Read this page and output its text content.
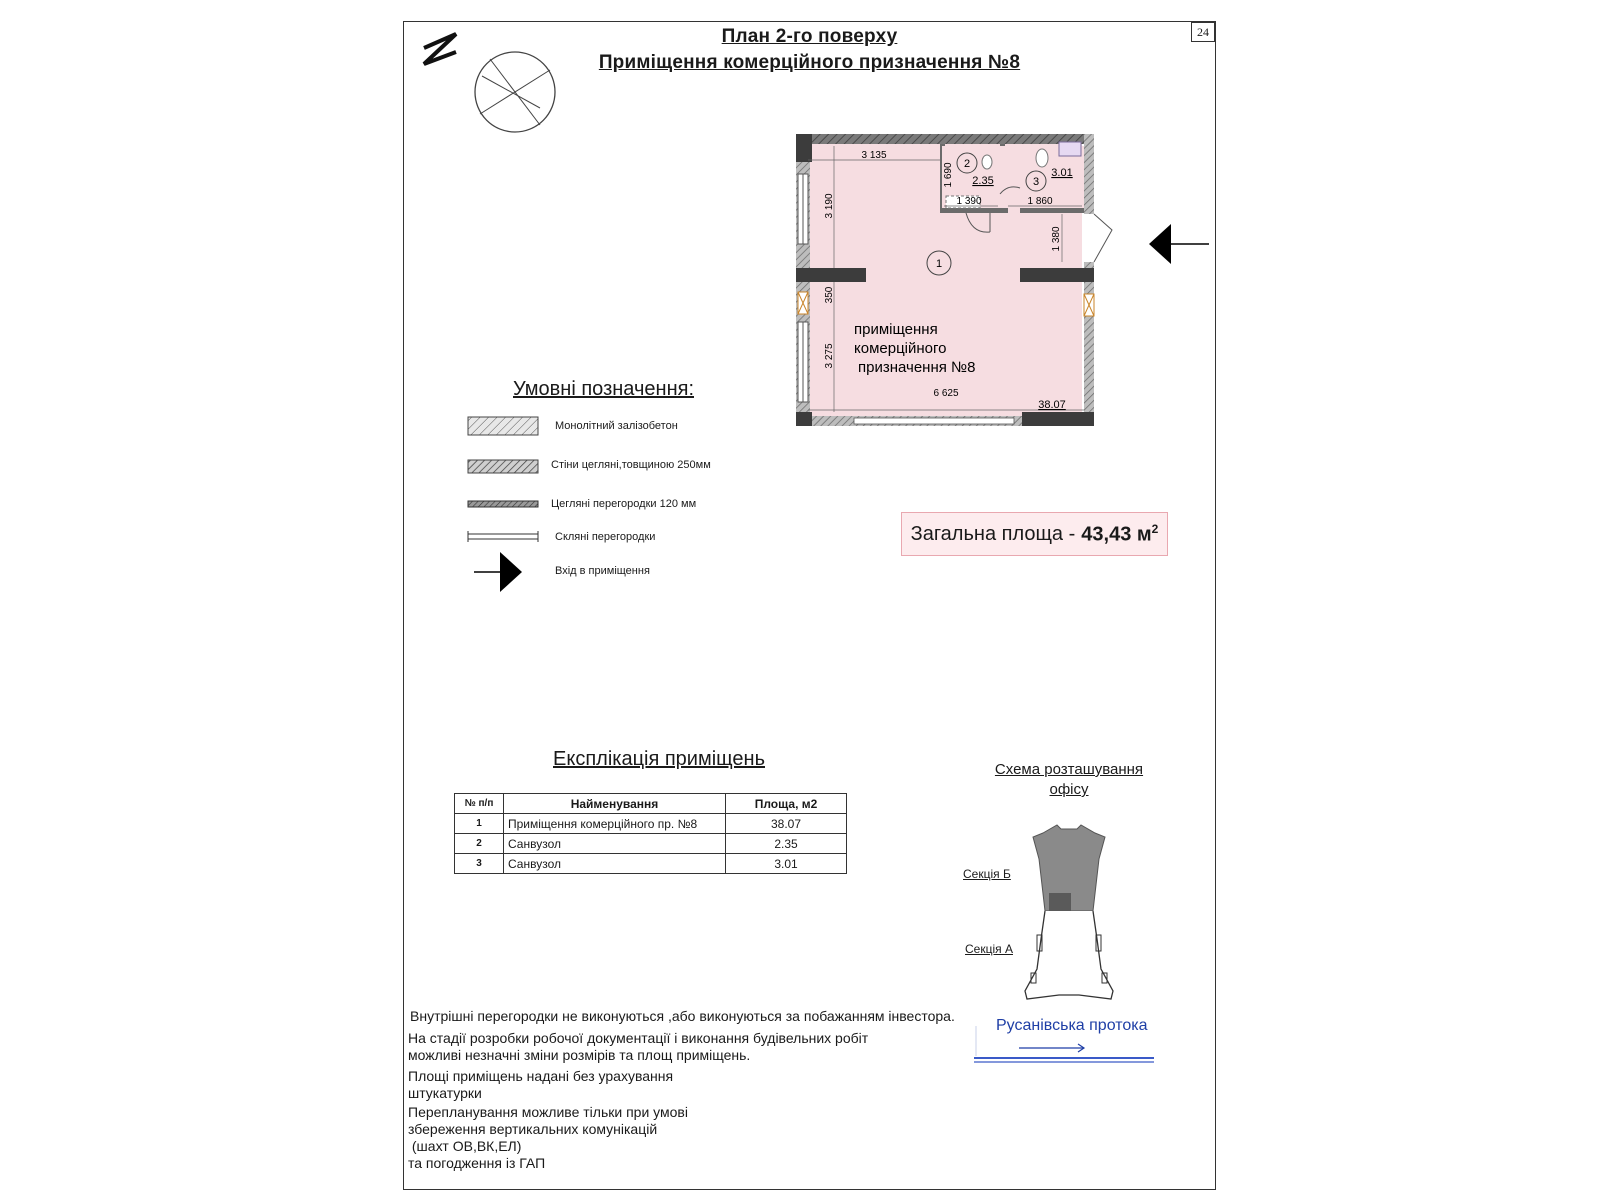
24
План 2-го поверху
Приміщення комерційного призначення №8
2
3
1
2.35
3.01
38.07
3 135
1 690
1 390	1 860
3 190
350
3 275
1 380
6 625
приміщення
комерційного
призначення №8
Умовні позначення:
Монолітний залізобетон
Стіни цегляні,товщиною 250мм
Цегляні перегородки 120 мм
Скляні перегородки
Вхід в приміщення
Загальна площа - 43,43 $м^2$
Експлікація приміщень
№ п/п	Найменування	Площа, м2
1	Приміщення комерційного пр. №8	38.07
2	Санвузол	2.35
3	Санвузол	3.01
Схема розташування
офісу
Секція Б
Секція А
Русанівська протока
Внутрішні перегородки не виконуються ,або виконуються за побажанням інвестора.
На стадії розробки робочої документації і виконання будівельних робіт
можливі незначні зміни розмірів та площ приміщень.
Площі приміщень надані без урахування
штукатурки
Перепланування можливе тільки при умові
збереження вертикальних комунікацій
(шахт ОВ,ВК,ЕЛ)
та погодження із ГАП
